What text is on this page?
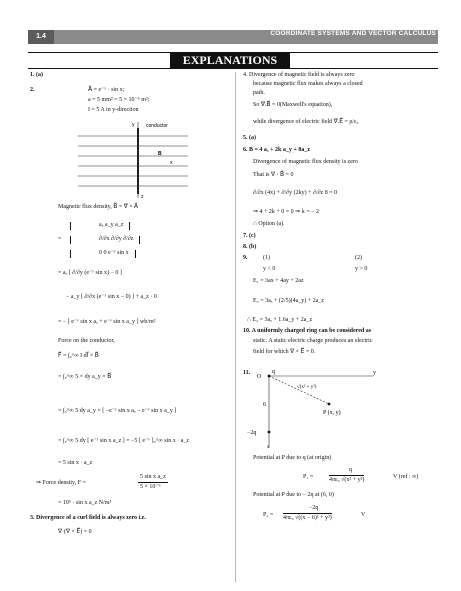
1.4	COORDINATE SYSTEMS AND VECTOR CALCULUS
EXPLANATIONS

1. (a)

2.	A⃗ = e⁻ʸ · sin x;

a = 5 mm² = 5 × 10⁻⁶ m²;

I = 5 A in y-direction

y conductor
B
x
z

Magnetic flux density, B⃗ = ∇⃗ × A⃗

aₓ a_y a_z

∂/∂x ∂/∂y ∂/∂z

0 0 e⁻ʸ sin x

=

= aₓ [ ∂/∂y (e⁻ʸ sin x) − 0 ]

− a_y [ ∂/∂x (e⁻ʸ sin x − 0) ] + a_z · 0

= − [ e⁻ʸ sin x aₓ + e⁻ʸ sin x a_y ] wb/m²

Force on the conductor,

F⃗ = ∫₀^∞ I dl⃗ × B⃗

= ∫₀^∞ 5 × dy a_y × B⃗

= ∫₀^∞ 5 dy a_y × [ −e⁻ʸ sin x aₓ − e⁻ʸ sin x a_y ]

= ∫₀^∞ 5 dy [ e⁻ʸ sin x a_z ] = −5 [ e⁻ʸ ]₀^∞ sin x · a_z

= 5 sin x · a_z

⇒ Force density, F =

5 sin x a_z

5 × 10⁻⁶

= 10⁶ · sin x a_z N/m³

3. Divergence of a curl field is always zero i.e.

∇·(∇ × E⃗) = 0

4. Divergence of magnetic field is always zero

because magnetic flux makes always a closed

path.

So ∇⃗.B⃗ = 0(Maxwell's equation),

while divergence of electric field ∇⃗.E⃗ = ρ/ε₀

5. (a)

6. B = 4 aₓ + 2k a_y + 8a_z

Divergence of magnetic flux density is zero

That is ∇ · B⃗ = 0

∂/∂x (4x) + ∂/∂y (2ky) + ∂/∂z 8 = 0

⇒ 4 + 2k + 0 = 0 ⇒ k = − 2

∴ Option (a).

7. (c)

8. (b)

9.	(1)	(2)

y < 0	y > 0

E₁ = 3ax + 4ay + 2az

E₂ = 3aₓ + (2/5)(4a_y) + 2a_z

∴ E₂ = 3aₓ + 1.6a_y + 2a_z

10. A uniformly charged ring can be considered as

static. A static electric charge produces an electric

field for which ∇ × E⃗ = 0.

11.

O
q	y
√(x² + y²)
6
P (x, y)
−2q
x

Potential at P due to q (at origin)

P₁ =

q

4πε₀ √(x² + y²)	V (ref : ∞)

Potential at P due to − 2q at (6, 0)

P₂ =

−2q

4πε₀ √((x − 6)² + y²)	V
